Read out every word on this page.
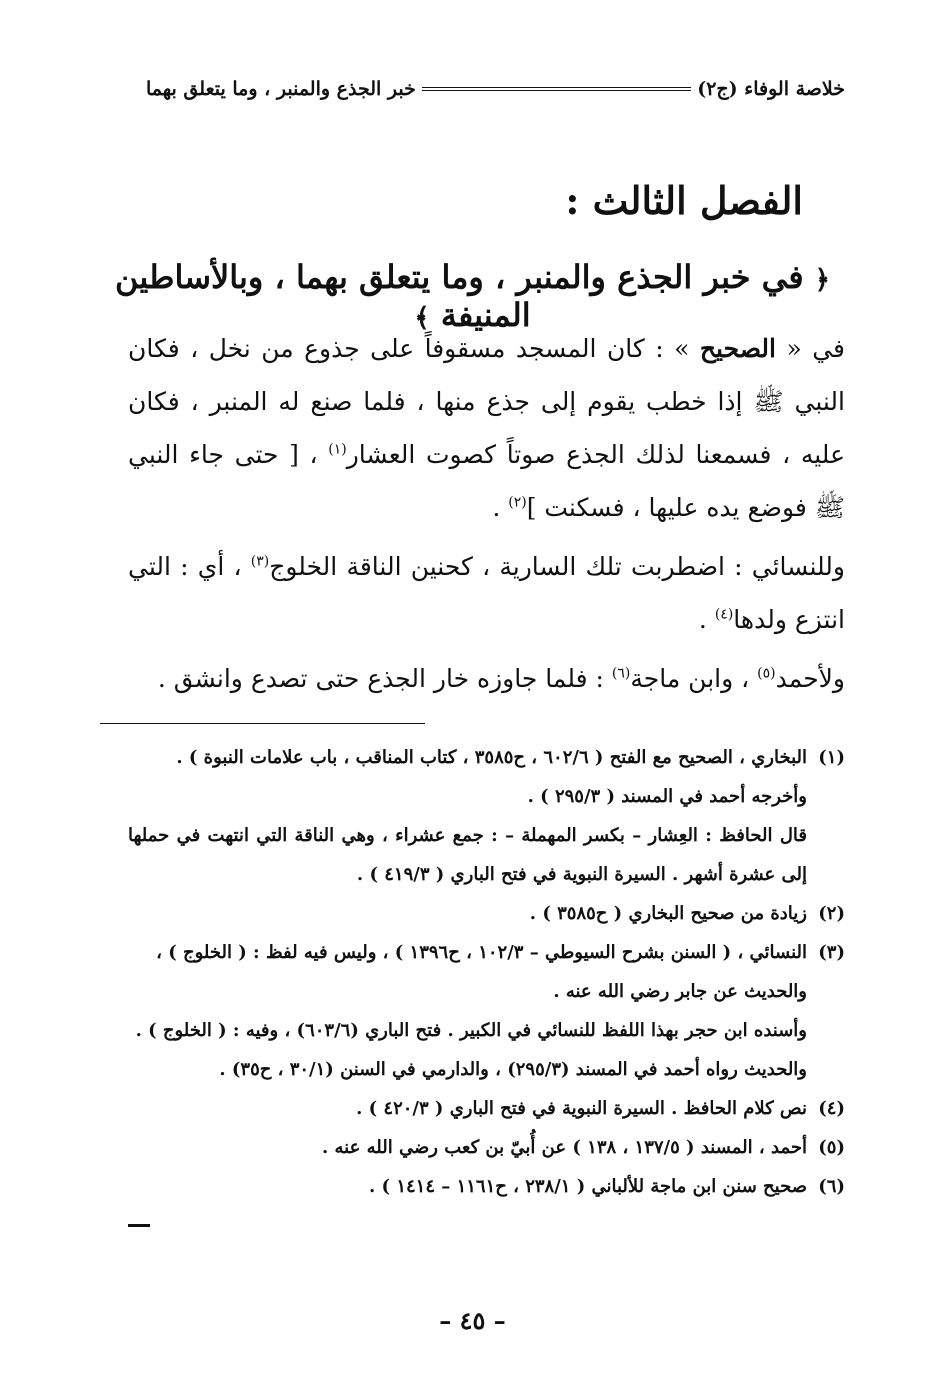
خلاصة الوفاء (ج٢)
خبر الجذع والمنبر ، وما يتعلق بهما
الفصل الثالث :
﴿ في خبر الجذع والمنبر ، وما يتعلق بهما ، وبالأساطين المنيفة ﴾

في « الصحيح » : كان المسجد مسقوفاً على جذوع من نخل ، فكان النبي ﷺ إذا خطب يقوم إلى جذع منها ، فلما صنع له المنبر ، فكان عليه ، فسمعنا لذلك الجذع صوتاً كصوت العشار$^{(١)}$ ، [ حتى جاء النبي ﷺ فوضع يده عليها ، فسكنت ]$^{(٢)}$ .

وللنسائي : اضطربت تلك السارية ، كحنين الناقة الخلوج$^{(٣)}$ ، أي : التي انتزع ولدها$^{(٤)}$ .

ولأحمد$^{(٥)}$ ، وابن ماجة$^{(٦)}$ : فلما جاوزه خار الجذع حتى تصدع وانشق .

(١)
البخاري ، الصحيح مع الفتح ( ٦٠٢/٦ ، ح٣٥٨٥ ، كتاب المناقب ، باب علامات النبوة ) .
وأخرجه أحمد في المسند ( ٢٩٥/٣ ) .
قال الحافظ : العِشار – بكسر المهملة – : جمع عشراء ، وهي الناقة التي انتهت في حملها إلى عشرة أشهر . السيرة النبوية في فتح الباري ( ٤١٩/٣ ) .
(٢)
زيادة من صحيح البخاري ( ح٣٥٨٥ ) .
(٣)
النسائي ، ( السنن بشرح السيوطي – ١٠٢/٣ ، ح١٣٩٦ ) ، وليس فيه لفظ : ( الخلوج ) ،
والحديث عن جابر رضي الله عنه .
وأسنده ابن حجر بهذا اللفظ للنسائي في الكبير . فتح الباري (٦٠٣/٦) ، وفيه : ( الخلوج ) .
والحديث رواه أحمد في المسند (٢٩٥/٣) ، والدارمي في السنن (٣٠/١ ، ح٣٥) .
(٤)
نص كلام الحافظ . السيرة النبوية في فتح الباري ( ٤٢٠/٣ ) .
(٥)
أحمد ، المسند ( ١٣٧/٥ ، ١٣٨ ) عن أُبيّ بن كعب رضي الله عنه .
(٦)
صحيح سنن ابن ماجة للألباني ( ٢٣٨/١ ، ح١١٦١ – ١٤١٤ ) .
– ٤٥ –
